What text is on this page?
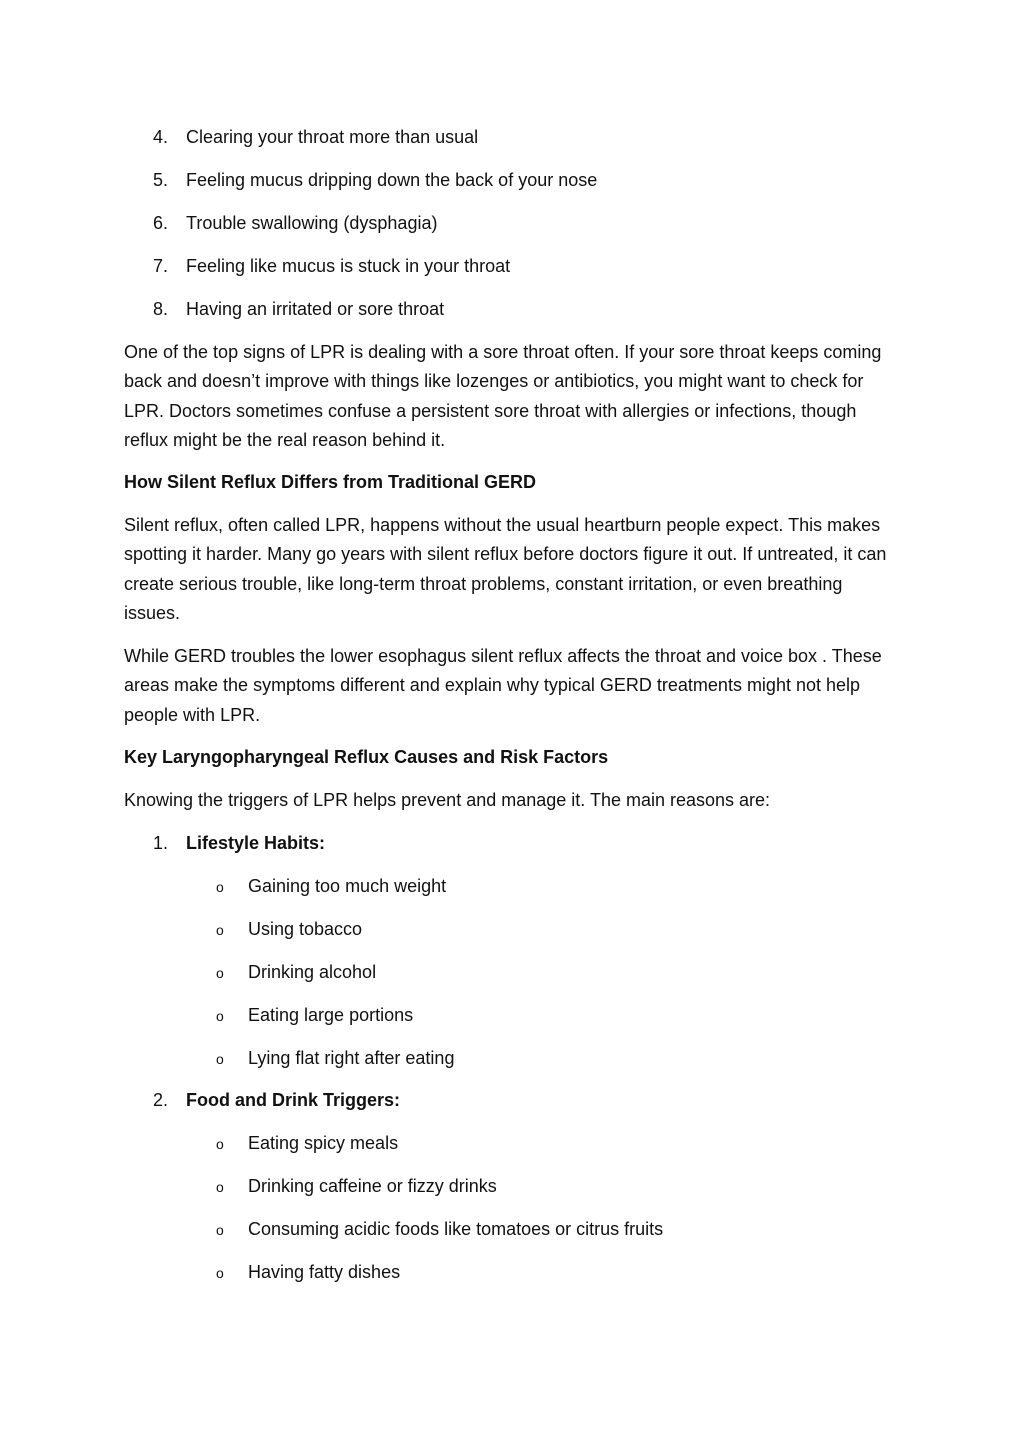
4. Clearing your throat more than usual
5. Feeling mucus dripping down the back of your nose
6. Trouble swallowing (dysphagia)
7. Feeling like mucus is stuck in your throat
8. Having an irritated or sore throat

One of the top signs of LPR is dealing with a sore throat often. If your sore throat keeps coming back and doesn’t improve with things like lozenges or antibiotics, you might want to check for LPR. Doctors sometimes confuse a persistent sore throat with allergies or infections, though reflux might be the real reason behind it.

How Silent Reflux Differs from Traditional GERD

Silent reflux, often called LPR, happens without the usual heartburn people expect. This makes spotting it harder. Many go years with silent reflux before doctors figure it out. If untreated, it can create serious trouble, like long-term throat problems, constant irritation, or even breathing issues.

While GERD troubles the lower esophagus silent reflux affects the throat and voice box . These areas make the symptoms different and explain why typical GERD treatments might not help people with LPR.

Key Laryngopharyngeal Reflux Causes and Risk Factors

Knowing the triggers of LPR helps prevent and manage it. The main reasons are:

1. Lifestyle Habits:
o Gaining too much weight
o Using tobacco
o Drinking alcohol
o Eating large portions
o Lying flat right after eating
2. Food and Drink Triggers:
o Eating spicy meals
o Drinking caffeine or fizzy drinks
o Consuming acidic foods like tomatoes or citrus fruits
o Having fatty dishes
